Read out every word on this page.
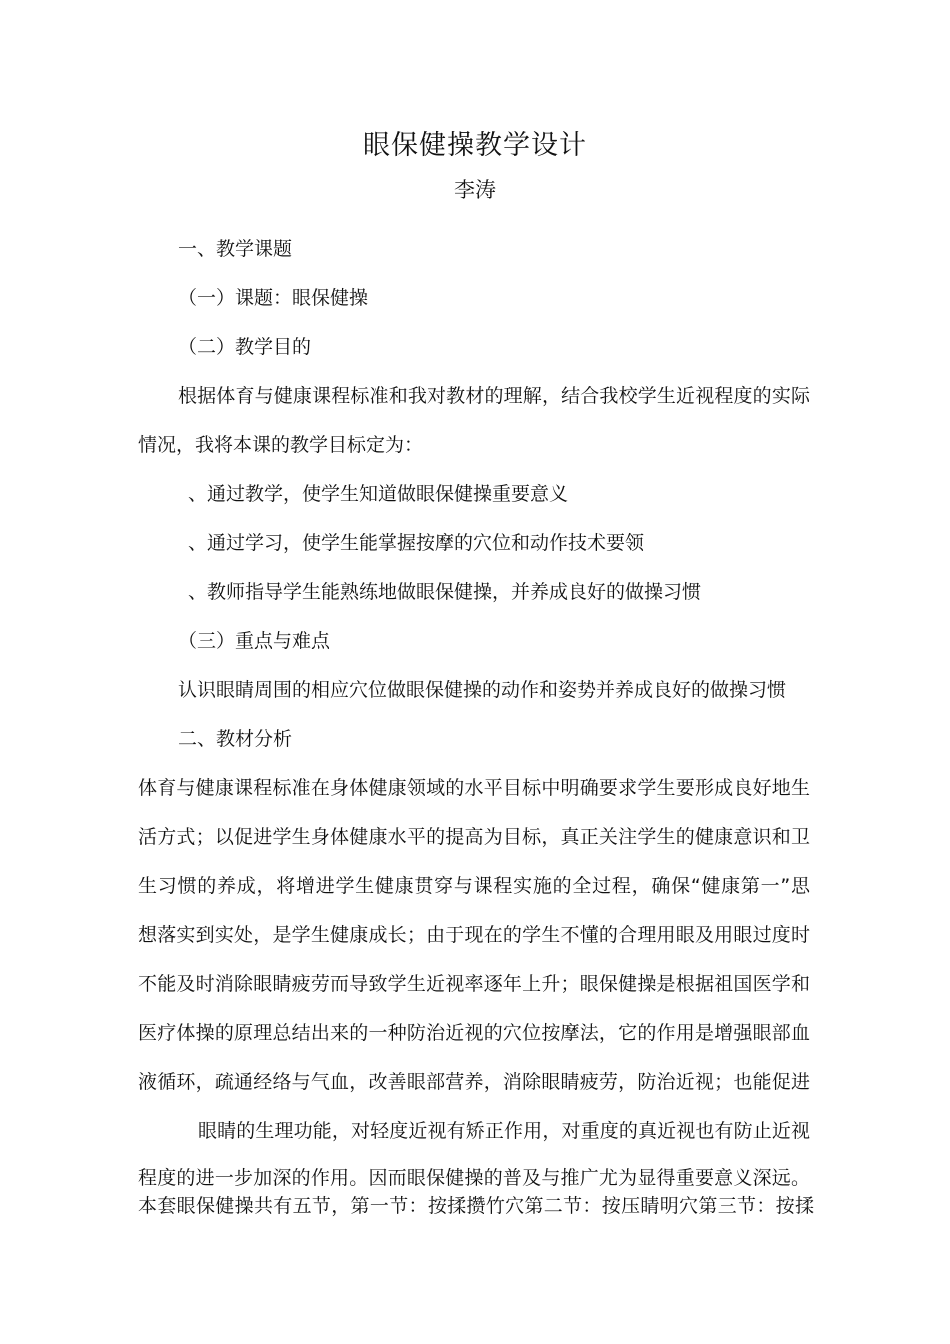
眼保健操教学设计
李涛
一、教学课题
（一）课题：眼保健操
（二）教学目的
根据体育与健康课程标准和我对教材的理解，结合我校学生近视程度的实际
情况，我将本课的教学目标定为：
、通过教学，使学生知道做眼保健操重要意义
、通过学习，使学生能掌握按摩的穴位和动作技术要领
、教师指导学生能熟练地做眼保健操，并养成良好的做操习惯
（三）重点与难点
认识眼睛周围的相应穴位做眼保健操的动作和姿势并养成良好的做操习惯
二、教材分析
体育与健康课程标准在身体健康领域的水平目标中明确要求学生要形成良好地生
活方式；以促进学生身体健康水平的提高为目标，真正关注学生的健康意识和卫
生习惯的养成，将增进学生健康贯穿与课程实施的全过程，确保“健康第一”思
想落实到实处，是学生健康成长；由于现在的学生不懂的合理用眼及用眼过度时
不能及时消除眼睛疲劳而导致学生近视率逐年上升；眼保健操是根据祖国医学和
医疗体操的原理总结出来的一种防治近视的穴位按摩法，它的作用是增强眼部血
液循环，疏通经络与气血，改善眼部营养，消除眼睛疲劳，防治近视；也能促进
眼睛的生理功能，对轻度近视有矫正作用，对重度的真近视也有防止近视
程度的进一步加深的作用。因而眼保健操的普及与推广尤为显得重要意义深远。
本套眼保健操共有五节，第一节：按揉攒竹穴第二节：按压睛明穴第三节：按揉
